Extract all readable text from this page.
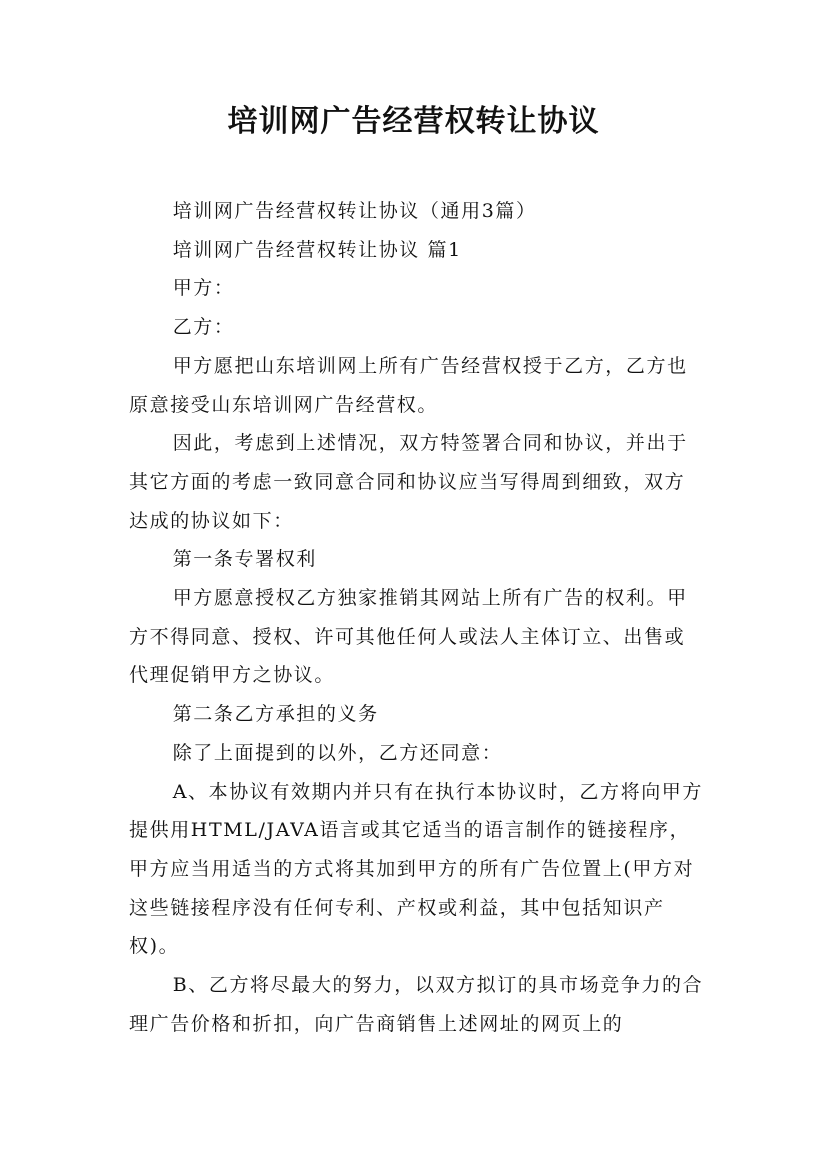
培训网广告经营权转让协议

培训网广告经营权转让协议（通用3篇）

培训网广告经营权转让协议 篇1

甲方：

乙方：

甲方愿把山东培训网上所有广告经营权授于乙方，乙方也原意接受山东培训网广告经营权。

因此，考虑到上述情况，双方特签署合同和协议，并出于其它方面的考虑一致同意合同和协议应当写得周到细致，双方达成的协议如下：

第一条专署权利

甲方愿意授权乙方独家推销其网站上所有广告的权利。甲方不得同意、授权、许可其他任何人或法人主体订立、出售或代理促销甲方之协议。

第二条乙方承担的义务

除了上面提到的以外，乙方还同意：

A、本协议有效期内并只有在执行本协议时，乙方将向甲方提供用HTML/JAVA语言或其它适当的语言制作的链接程序，甲方应当用适当的方式将其加到甲方的所有广告位置上(甲方对这些链接程序没有任何专利、产权或利益，其中包括知识产权)。

B、乙方将尽最大的努力，以双方拟订的具市场竞争力的合理广告价格和折扣，向广告商销售上述网址的网页上的
